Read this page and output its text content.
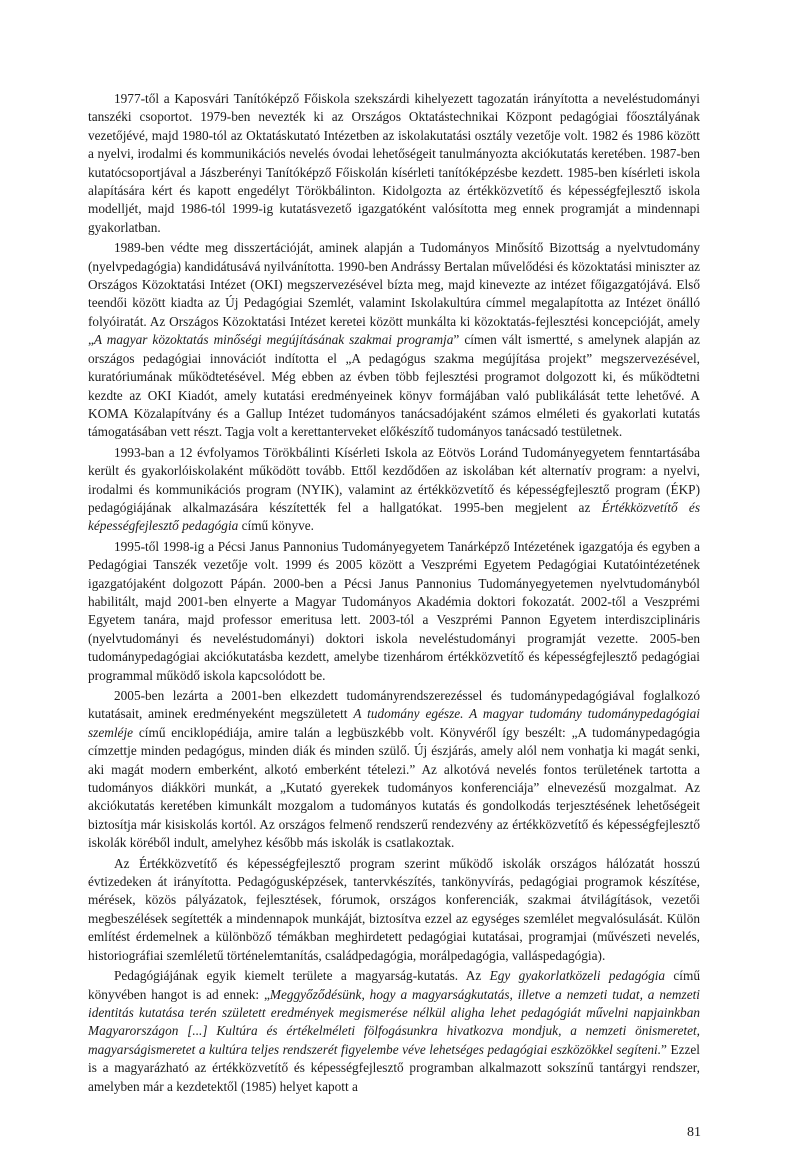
1977-től a Kaposvári Tanítóképző Főiskola szekszárdi kihelyezett tagozatán irányította a neveléstudományi tanszéki csoportot. 1979-ben nevezték ki az Országos Oktatástechnikai Központ pedagógiai főosztályának vezetőjévé, majd 1980-tól az Oktatáskutató Intézetben az iskolakutatási osztály vezetője volt. 1982 és 1986 között a nyelvi, irodalmi és kommunikációs nevelés óvodai lehetőségeit tanulmányozta akciókutatás keretében. 1987-ben kutatócsoportjával a Jászberényi Tanítóképző Főiskolán kísérleti tanítóképzésbe kezdett. 1985-ben kísérleti iskola alapítására kért és kapott engedélyt Törökbálinton. Kidolgozta az értékközvetítő és képességfejlesztő iskola modelljét, majd 1986-tól 1999-ig kutatásvezető igazgatóként valósította meg ennek programját a mindennapi gyakorlatban.

1989-ben védte meg disszertációját, aminek alapján a Tudományos Minősítő Bizottság a nyelvtudomány (nyelvpedagógia) kandidátusává nyilvánította. 1990-ben Andrássy Bertalan művelődési és közoktatási miniszter az Országos Közoktatási Intézet (OKI) megszervezésével bízta meg, majd kinevezte az intézet főigazgatójává. Első teendői között kiadta az Új Pedagógiai Szemlét, valamint Iskolakultúra címmel megalapította az Intézet önálló folyóiratát. Az Országos Közoktatási Intézet keretei között munkálta ki közoktatás-fejlesztési koncepcióját, amely „A magyar közoktatás minőségi megújításának szakmai programja” címen vált ismertté, s amelynek alapján az országos pedagógiai innovációt indította el „A pedagógus szakma megújítása projekt” megszervezésével, kuratóriumának működtetésével. Még ebben az évben több fejlesztési programot dolgozott ki, és működtetni kezdte az OKI Kiadót, amely kutatási eredményeinek könyv formájában való publikálását tette lehetővé. A KOMA Közalapítvány és a Gallup Intézet tudományos tanácsadójaként számos elméleti és gyakorlati kutatás támogatásában vett részt. Tagja volt a kerettanterveket előkészítő tudományos tanácsadó testületnek.

1993-ban a 12 évfolyamos Törökbálinti Kísérleti Iskola az Eötvös Loránd Tudományegyetem fenntartásába került és gyakorlóiskolaként működött tovább. Ettől kezdődően az iskolában két alternatív program: a nyelvi, irodalmi és kommunikációs program (NYIK), valamint az értékközvetítő és képességfejlesztő program (ÉKP) pedagógiájának alkalmazására készítették fel a hallgatókat. 1995-ben megjelent az Értékközvetítő és képességfejlesztő pedagógia című könyve.

1995-től 1998-ig a Pécsi Janus Pannonius Tudományegyetem Tanárképző Intézetének igazgatója és egyben a Pedagógiai Tanszék vezetője volt. 1999 és 2005 között a Veszprémi Egyetem Pedagógiai Kutatóintézetének igazgatójaként dolgozott Pápán. 2000-ben a Pécsi Janus Pannonius Tudományegyetemen nyelvtudományból habilitált, majd 2001-ben elnyerte a Magyar Tudományos Akadémia doktori fokozatát. 2002-től a Veszprémi Egyetem tanára, majd professor emeritusa lett. 2003-tól a Veszprémi Pannon Egyetem interdiszciplináris (nyelvtudományi és neveléstudományi) doktori iskola neveléstudományi programját vezette. 2005-ben tudománypedagógiai akciókutatásba kezdett, amelybe tizenhárom értékközvetítő és képességfejlesztő pedagógiai programmal működő iskola kapcsolódott be.

2005-ben lezárta a 2001-ben elkezdett tudományrendszerezéssel és tudománypedagógiával foglalkozó kutatásait, aminek eredményeként megszületett A tudomány egésze. A magyar tudomány tudománypedagógiai szemléje című enciklopédiája, amire talán a legbüszkébb volt. Könyvéről így beszélt: „A tudománypedagógia címzettje minden pedagógus, minden diák és minden szülő. Új észjárás, amely alól nem vonhatja ki magát senki, aki magát modern emberként, alkotó emberként tételezi.” Az alkotóvá nevelés fontos területének tartotta a tudományos diákköri munkát, a „Kutató gyerekek tudományos konferenciája” elnevezésű mozgalmat. Az akciókutatás keretében kimunkált mozgalom a tudományos kutatás és gondolkodás terjesztésének lehetőségeit biztosítja már kisiskolás kortól. Az országos felmenő rendszerű rendezvény az értékközvetítő és képességfejlesztő iskolák köréből indult, amelyhez később más iskolák is csatlakoztak.

Az Értékközvetítő és képességfejlesztő program szerint működő iskolák országos hálózatát hosszú évtizedeken át irányította. Pedagógusképzések, tantervkészítés, tankönyvírás, pedagógiai programok készítése, mérések, közös pályázatok, fejlesztések, fórumok, országos konferenciák, szakmai átvilágítások, vezetői megbeszélések segítették a mindennapok munkáját, biztosítva ezzel az egységes szemlélet megvalósulását. Külön említést érdemelnek a különböző témákban meghirdetett pedagógiai kutatásai, programjai (művészeti nevelés, historiográfiai szemléletű történelemtanítás, családpedagógia, morálpedagógia, valláspedagógia).

Pedagógiájának egyik kiemelt területe a magyarság-kutatás. Az Egy gyakorlatközeli pedagógia című könyvében hangot is ad ennek: „Meggyőződésünk, hogy a magyarságkutatás, illetve a nemzeti tudat, a nemzeti identitás kutatása terén született eredmények megismerése nélkül aligha lehet pedagógiát művelni napjainkban Magyarországon [...] Kultúra és értékelméleti fölfogásunkra hivatkozva mondjuk, a nemzeti önismeretet, magyarságismeretet a kultúra teljes rendszerét figyelembe véve lehetséges pedagógiai eszközökkel segíteni.” Ezzel is a magyarázható az értékközvetítő és képességfejlesztő programban alkalmazott sokszínű tantárgyi rendszer, amelyben már a kezdetektől (1985) helyet kapott a

81
